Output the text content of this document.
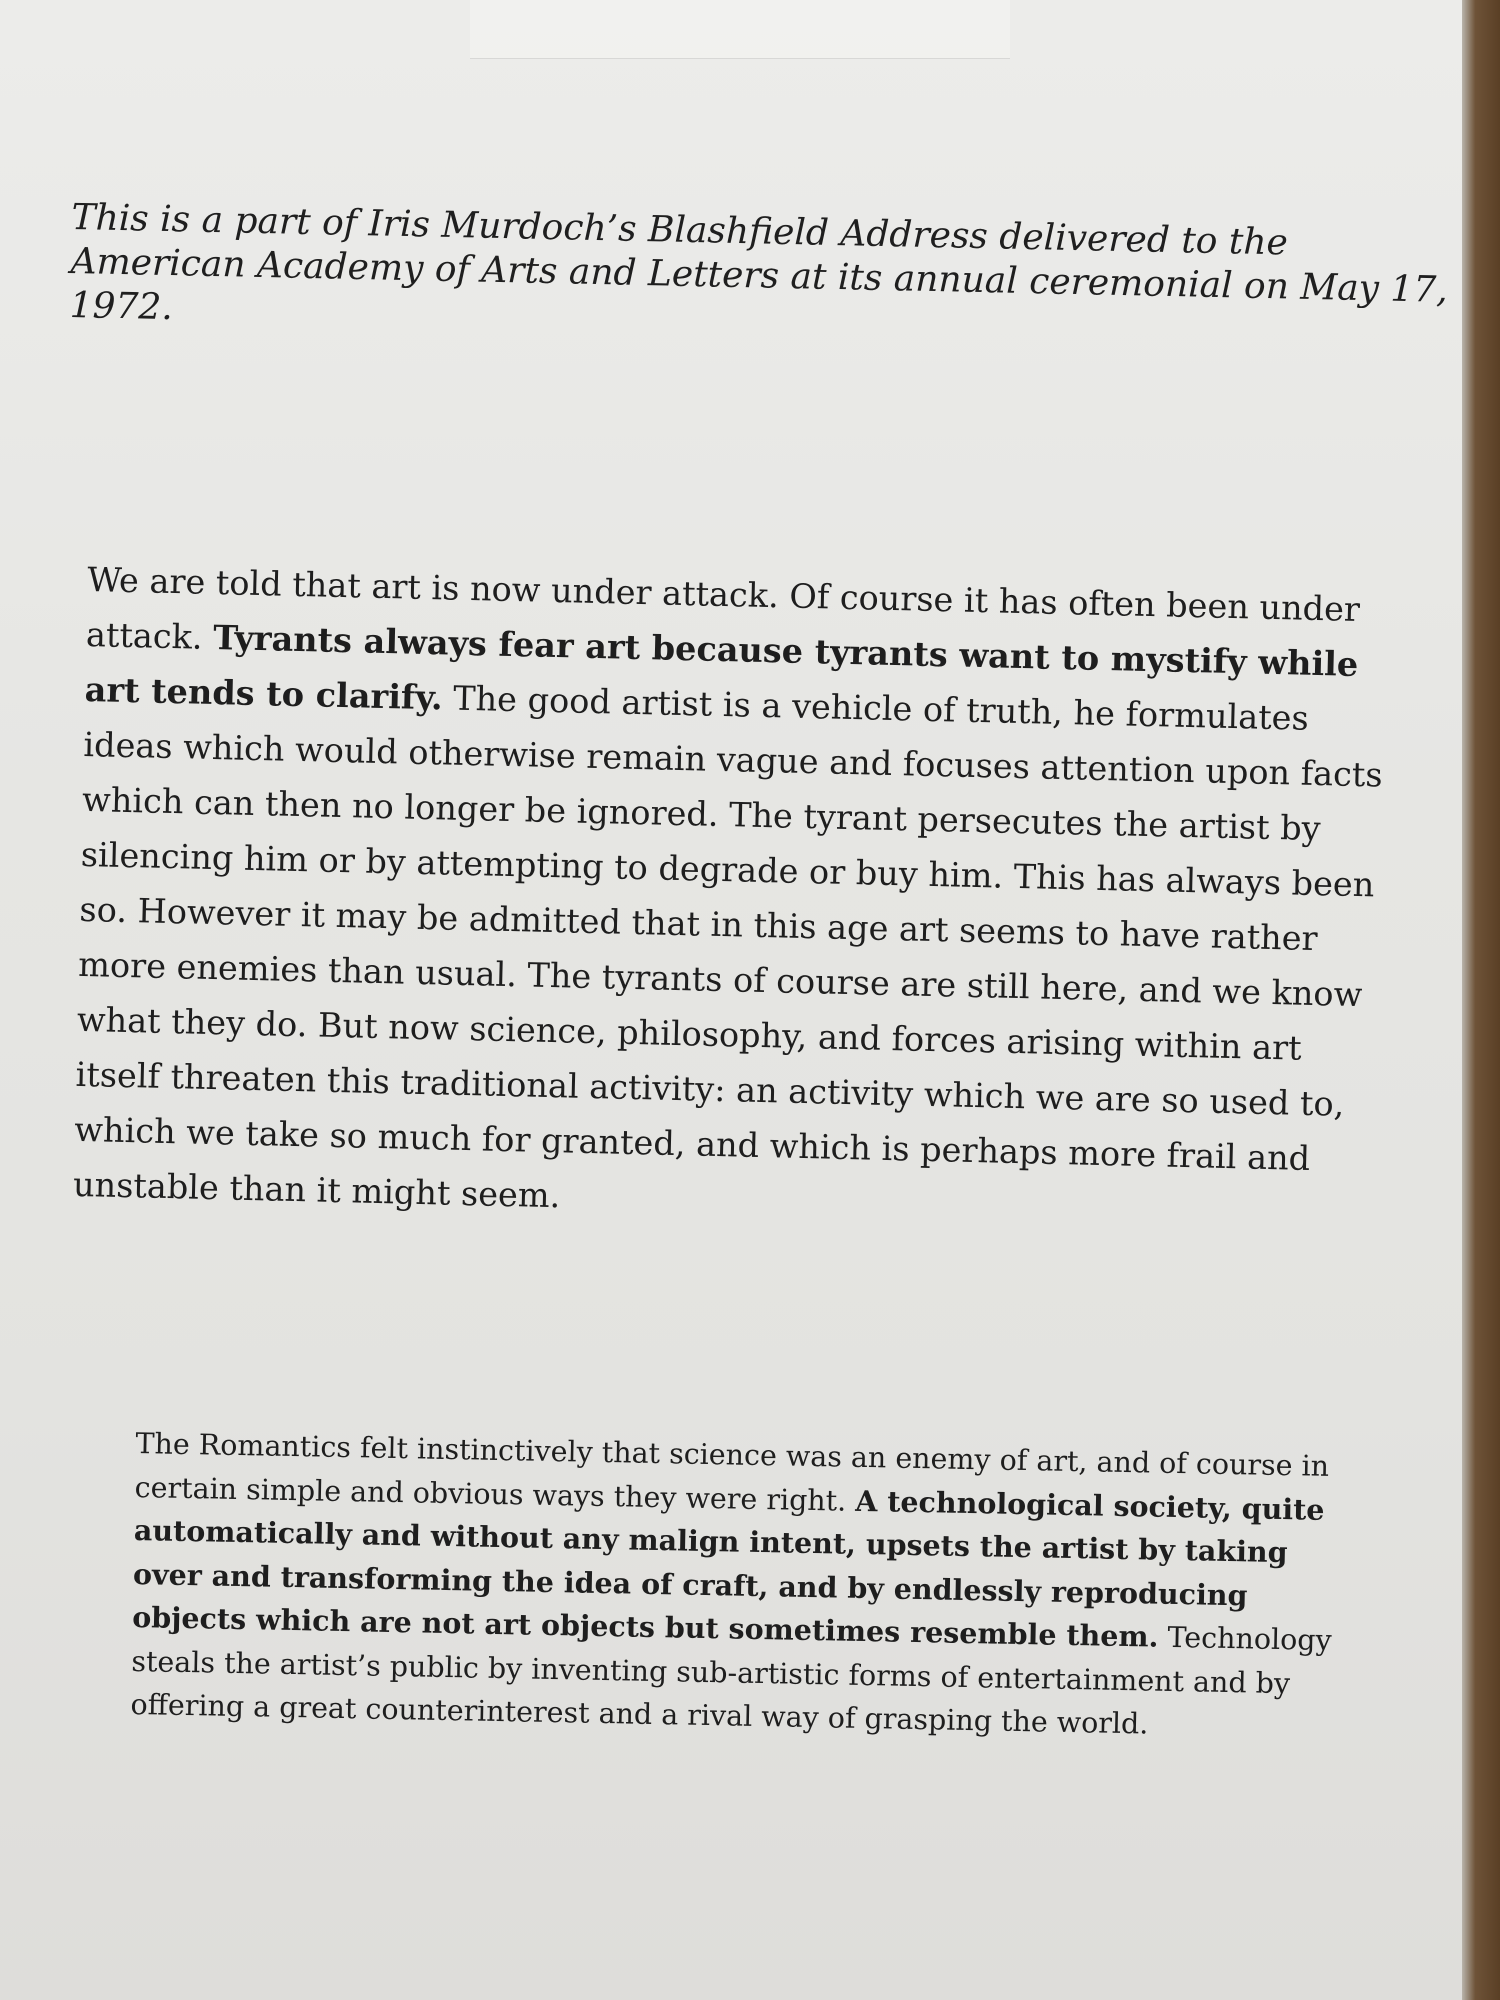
This is a part of Iris Murdoch’s Blashfield Address delivered to the American Academy of Arts and Letters at its annual ceremonial on May 17, 1972.

We are told that art is now under attack. Of course it has often been under attack. Tyrants always fear art because tyrants want to mystify while art tends to clarify. The good artist is a vehicle of truth, he formulates ideas which would otherwise remain vague and focuses attention upon facts which can then no longer be ignored. The tyrant persecutes the artist by silencing him or by attempting to degrade or buy him. This has always been so. However it may be admitted that in this age art seems to have rather more enemies than usual. The tyrants of course are still here, and we know what they do. But now science, philosophy, and forces arising within art itself threaten this traditional activity: an activity which we are so used to, which we take so much for granted, and which is perhaps more frail and unstable than it might seem.

The Romantics felt instinctively that science was an enemy of art, and of course in certain simple and obvious ways they were right. A technological society, quite automatically and without any malign intent, upsets the artist by taking over and transforming the idea of craft, and by endlessly reproducing objects which are not art objects but sometimes resemble them. Technology steals the artist’s public by inventing sub-artistic forms of entertainment and by offering a great counterinterest and a rival way of grasping the world.
